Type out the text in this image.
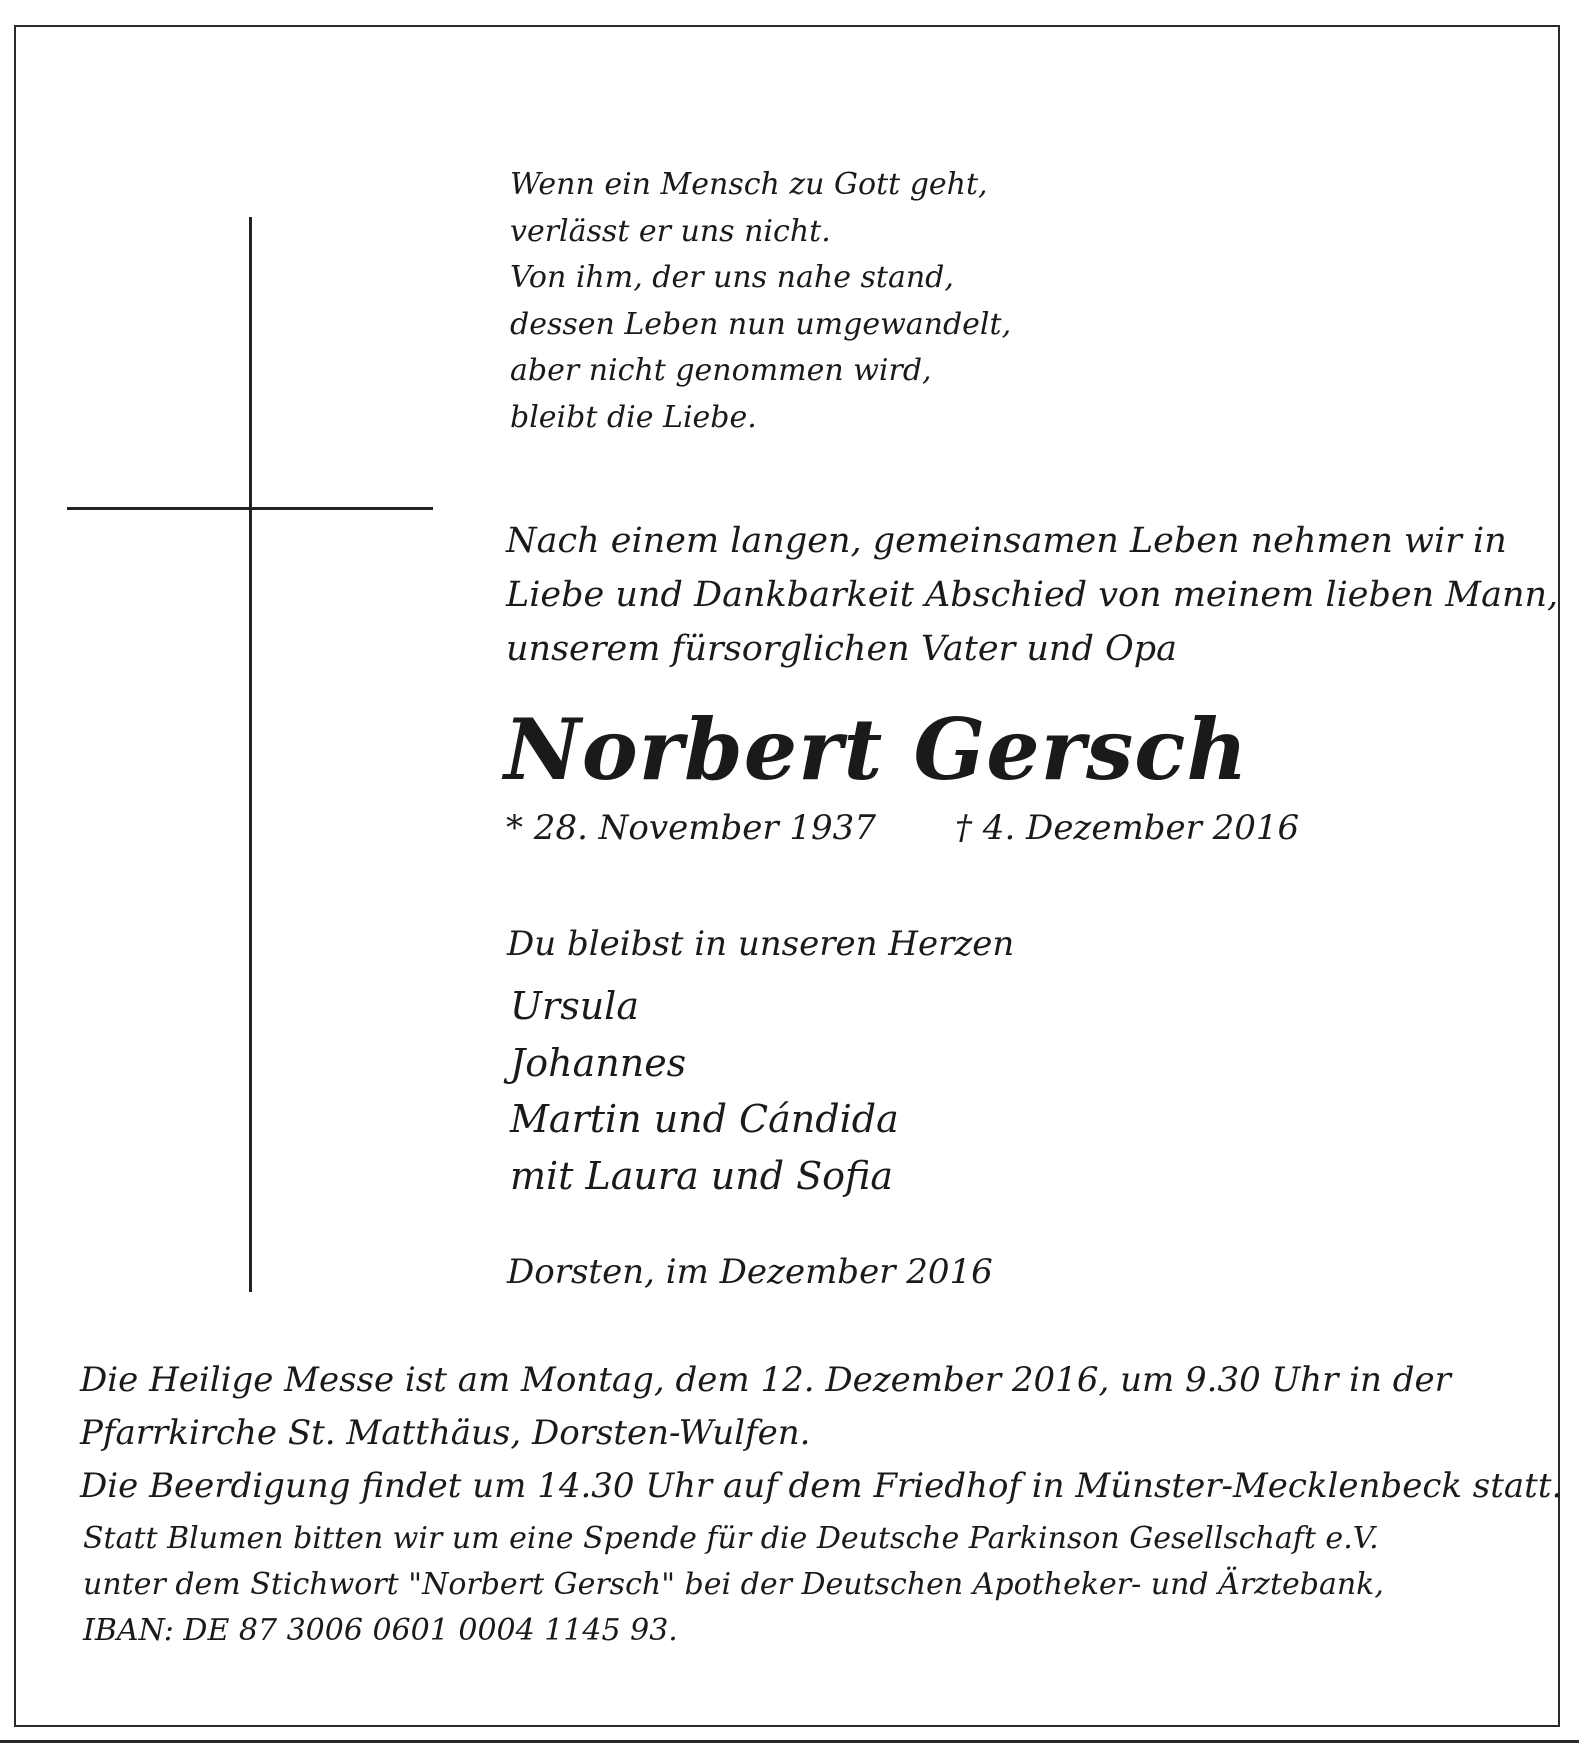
Wenn ein Mensch zu Gott geht,
verlässt er uns nicht.
Von ihm, der uns nahe stand,
dessen Leben nun umgewandelt,
aber nicht genommen wird,
bleibt die Liebe.

Nach einem langen, gemeinsamen Leben nehmen wir in
Liebe und Dankbarkeit Abschied von meinem lieben Mann,
unserem fürsorglichen Vater und Opa

Norbert Gersch
* 28. November 1937 † 4. Dezember 2016

Du bleibst in unseren Herzen

Ursula
Johannes
Martin und Cándida
mit Laura und Sofia

Dorsten, im Dezember 2016

Die Heilige Messe ist am Montag, dem 12. Dezember 2016, um 9.30 Uhr in der
Pfarrkirche St. Matthäus, Dorsten-Wulfen.
Die Beerdigung findet um 14.30 Uhr auf dem Friedhof in Münster-Mecklenbeck statt.

Statt Blumen bitten wir um eine Spende für die Deutsche Parkinson Gesellschaft e.V.
unter dem Stichwort "Norbert Gersch" bei der Deutschen Apotheker- und Ärztebank,
IBAN: DE 87 3006 0601 0004 1145 93.
